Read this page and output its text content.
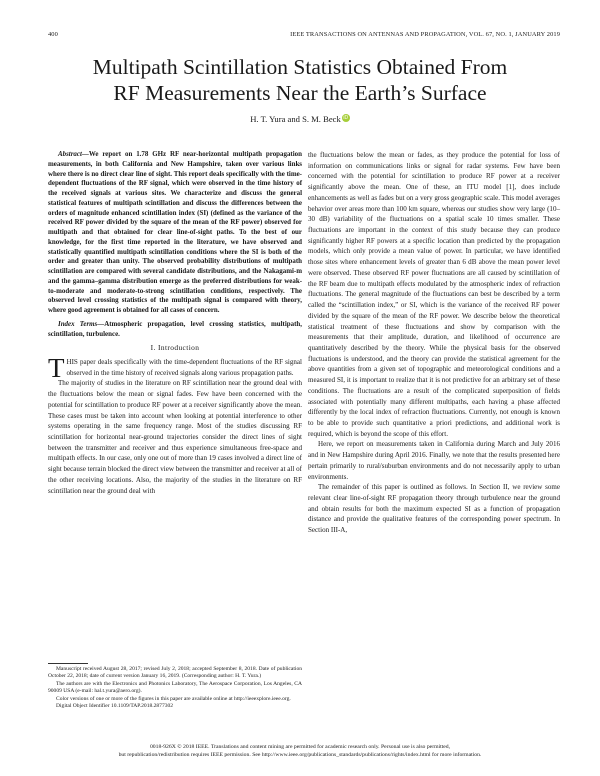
400	IEEE TRANSACTIONS ON ANTENNAS AND PROPAGATION, VOL. 67, NO. 1, JANUARY 2019
Multipath Scintillation Statistics Obtained From
RF Measurements Near the Earth’s Surface
H. T. Yura and S. M. Beck iD

Abstract—We report on 1.78 GHz RF near-horizontal multipath propagation measurements, in both California and New Hampshire, taken over various links where there is no direct clear line of sight. This report deals specifically with the time-dependent fluctuations of the RF signal, which were observed in the time history of the received signals at various sites. We characterize and discuss the general statistical features of multipath scintillation and discuss the differences between the orders of magnitude enhanced scintillation index (SI) (defined as the variance of the received RF power divided by the square of the mean of the RF power) observed for multipath and that obtained for clear line-of-sight paths. To the best of our knowledge, for the first time reported in the literature, we have observed and statistically quantified multipath scintillation conditions where the SI is both of the order and greater than unity. The observed probability distributions of multipath scintillation are compared with several candidate distributions, and the Nakagami-m and the gamma–gamma distribution emerge as the preferred distributions for weak-to-moderate and moderate-to-strong scintillation conditions, respectively. The observed level crossing statistics of the multipath signal is compared with theory, where good agreement is obtained for all cases of concern.

Index Terms—Atmospheric propagation, level crossing statistics, multipath, scintillation, turbulence.

I. Introduction

THIS paper deals specifically with the time-dependent fluctuations of the RF signal observed in the time history of received signals along various propagation paths.

The majority of studies in the literature on RF scintillation near the ground deal with the fluctuations below the mean or signal fades. Few have been concerned with the potential for scintillation to produce RF power at a receiver significantly above the mean. These cases must be taken into account when looking at potential interference to other systems operating in the same frequency range. Most of the studies discussing RF scintillation for horizontal near-ground trajectories consider the direct lines of sight between the transmitter and receiver and thus experience simultaneous free-space and multipath effects. In our case, only one out of more than 19 cases involved a direct line of sight because terrain blocked the direct view between the transmitter and receiver at all of the other receiving locations. Also, the majority of the studies in the literature on RF scintillation near the ground deal with

the fluctuations below the mean or fades, as they produce the potential for loss of information on communications links or signal for radar systems. Few have been concerned with the potential for scintillation to produce RF power at a receiver significantly above the mean. One of these, an ITU model [1], does include enhancements as well as fades but on a very gross geographic scale. This model averages behavior over areas more than 100 km square, whereas our studies show very large (10–30 dB) variability of the fluctuations on a spatial scale 10 times smaller. These fluctuations are important in the context of this study because they can produce significantly higher RF powers at a specific location than predicted by the propagation models, which only provide a mean value of power. In particular, we have identified those sites where enhancement levels of greater than 6 dB above the mean power level were observed. These observed RF power fluctuations are all caused by scintillation of the RF beam due to multipath effects modulated by the atmospheric index of refraction fluctuations. The general magnitude of the fluctuations can best be described by a term called the “scintillation index,” or SI, which is the variance of the received RF power divided by the square of the mean of the RF power. We describe below the theoretical statistical treatment of these fluctuations and show by comparison with the measurements that their amplitude, duration, and likelihood of occurrence are quantitatively described by the theory. While the physical basis for the observed fluctuations is understood, and the theory can provide the statistical agreement for the above quantities from a given set of topographic and meteorological conditions and a measured SI, it is important to realize that it is not predictive for an arbitrary set of these conditions. The fluctuations are a result of the complicated superposition of fields associated with potentially many different multipaths, each having a phase affected differently by the local index of refraction fluctuations. Currently, not enough is known to be able to provide such quantitative a priori predictions, and additional work is required, which is beyond the scope of this effort.

Here, we report on measurements taken in California during March and July 2016 and in New Hampshire during April 2016. Finally, we note that the results presented here pertain primarily to rural/suburban environments and do not necessarily apply to urban environments.

The remainder of this paper is outlined as follows. In Section II, we review some relevant clear line-of-sight RF propagation theory through turbulence near the ground and obtain results for both the maximum expected SI as a function of propagation distance and provide the qualitative features of the corresponding power spectrum. In Section III-A,

Manuscript received August 28, 2017; revised July 2, 2018; accepted September 8, 2018. Date of publication October 22, 2018; date of current version January 16, 2019. (Corresponding author: H. T. Yura.)

The authors are with the Electronics and Photonics Laboratory, The Aerospace Corporation, Los Angeles, CA 90009 USA (e-mail: hal.t.yura@aero.org).

Color versions of one or more of the figures in this paper are available online at http://ieeexplore.ieee.org.

Digital Object Identifier 10.1109/TAP.2018.2877302

0018-926X © 2018 IEEE. Translations and content mining are permitted for academic research only. Personal use is also permitted,

but republication/redistribution requires IEEE permission. See http://www.ieee.org/publications_standards/publications/rights/index.html for more information.
